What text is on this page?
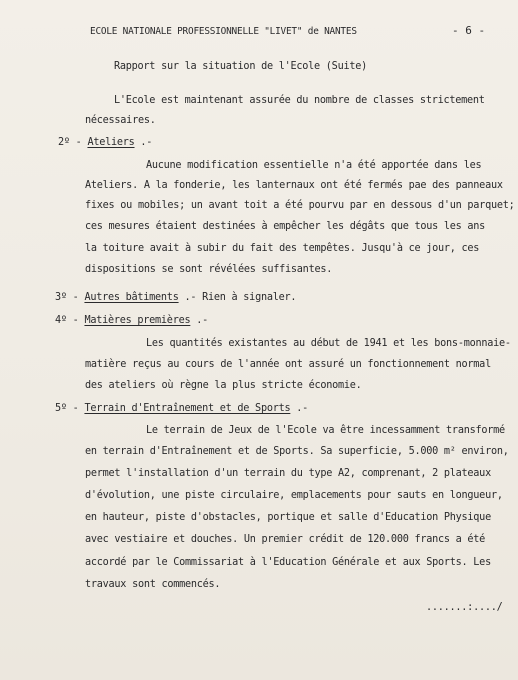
ECOLE NATIONALE PROFESSIONNELLE "LIVET" de NANTES	- 6 -
Rapport sur la situation de l'Ecole (Suite)
L'Ecole est maintenant assurée du nombre de classes strictement
nécessaires.
2º - Ateliers .-
Aucune modification essentielle n'a été apportée dans les
Ateliers. A la fonderie, les lanternaux ont été fermés pae des panneaux
fixes ou mobiles; un avant toit a été pourvu par en dessous d'un parquet;
ces mesures étaient destinées à empêcher les dégâts que tous les ans
la toiture avait à subir du fait des tempêtes. Jusqu'à ce jour, ces
dispositions se sont révélées suffisantes.
3º - Autres bâtiments .- Rien à signaler.
4º - Matières premières .-
Les quantités existantes au début de 1941 et les bons-monnaie-
matière reçus au cours de l'année ont assuré un fonctionnement normal
des ateliers où règne la plus stricte économie.
5º - Terrain d'Entraînement et de Sports .-
Le terrain de Jeux de l'Ecole va être incessamment transformé
en terrain d'Entraînement et de Sports. Sa superficie, 5.000 m² environ,
permet l'installation d'un terrain du type A2, comprenant, 2 plateaux
d'évolution, une piste circulaire, emplacements pour sauts en longueur,
en hauteur, piste d'obstacles, portique et salle d'Education Physique
avec vestiaire et douches. Un premier crédit de 120.000 francs a été
accordé par le Commissariat à l'Education Générale et aux Sports. Les
travaux sont commencés.
.......:..../
